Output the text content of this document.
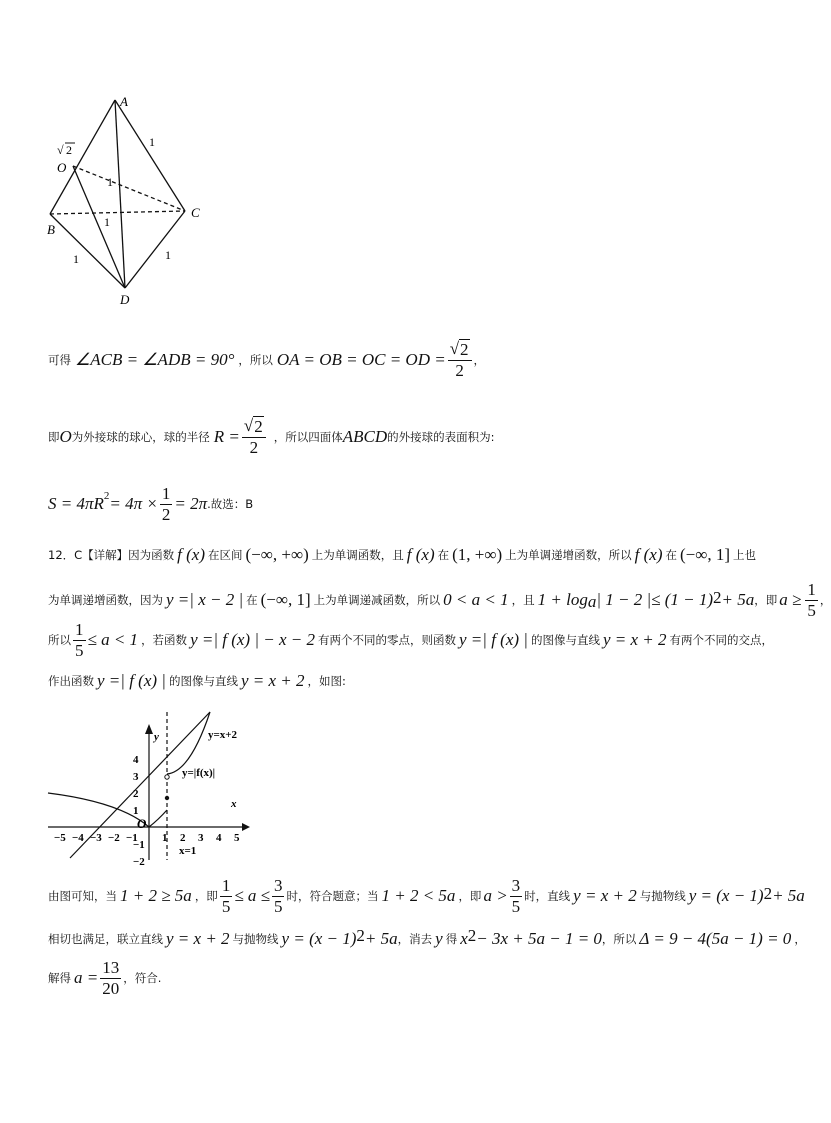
A
O
B
C
D
√ 2
1
1
1
1	1
可得 ∠ACB = ∠ADB = 90° ，所以 OA = OB = OC = OD = $\frac{√ 2}{2}$ ，
即 O 为外接球的球心，球的半径 $R = \frac{√ 2}{2}$ ，所以四面体 ABCD 的外接球的表面积为:
$S = 4\pi R^2 = 4\pi \times \frac{1}{2} = 2\pi$ .故选：B
12．C【详解】因为函数 f (x) 在区间 (−∞, +∞) 上为单调函数，且 f (x) 在 (1, +∞) 上为单调递增函数，所以 f (x) 在 (−∞, 1] 上也
为单调递增函数，因为 y =| x − 2 | 在 (−∞, 1] 上为单调递减函数，所以 0 < a < 1 ，且 1 + log a | 1 − 2 |≤ (1 − 1) 2 + 5a ，即 $a \ge \frac{1}{5}$ ，
所以 $\frac{1}{5} \le a < 1$ ，若函数 y =| f (x) | − x − 2 有两个不同的零点，则函数 y =| f (x) | 的图像与直线 y = x + 2 有两个不同的交点，
作出函数 y =| f (x) | 的图像与直线 y = x + 2 ，如图:
y
x
O
y=x+2
y=|f(x)|
x=1
−5 −4 −3 −2 −1 1 2 3 4 5
4
3
2
1
−1
−2
由图可知，当 1 + 2 ≥ 5a ，即 $\frac{1}{5} \le a \le \frac{3}{5}$ 时，符合题意；当 1 + 2 < 5a ，即 $a > \frac{3}{5}$ 时，直线 y = x + 2 与抛物线 y = (x − 1) 2 + 5a
相切也满足，联立直线 y = x + 2 与抛物线 y = (x − 1) 2 + 5a ，消去 y 得 x 2 − 3x + 5a − 1 = 0 ，所以 Δ = 9 − 4(5a − 1) = 0 ，
解得 $a = \frac{13}{20}$ ，符合.
